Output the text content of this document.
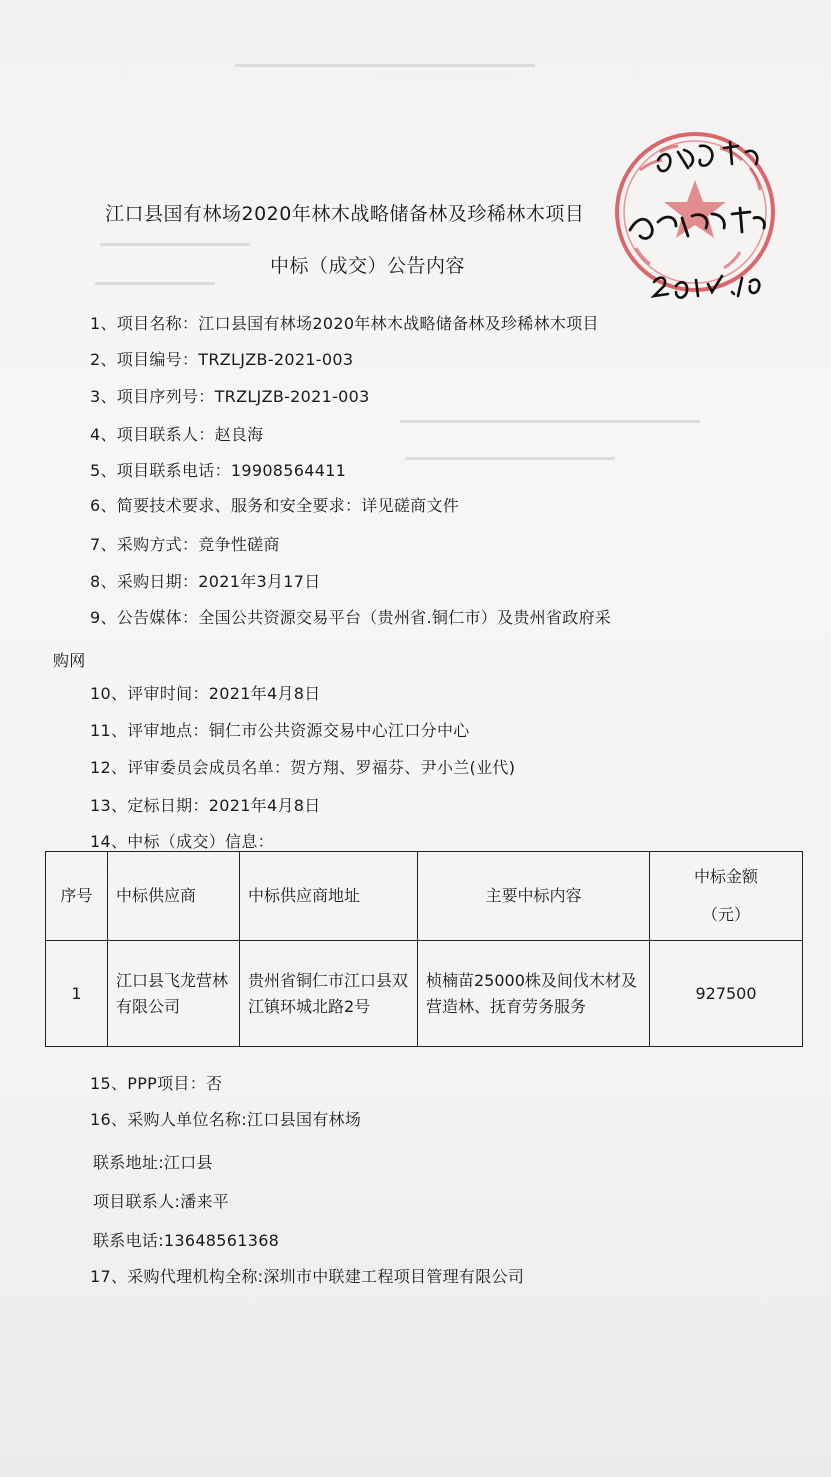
江口县国有林场2020年林木战略储备林及珍稀林木项目
中标（成交）公告内容
1、项目名称：江口县国有林场2020年林木战略储备林及珍稀林木项目
2、项目编号：TRZLJZB-2021-003
3、项目序列号：TRZLJZB-2021-003
4、项目联系人：赵良海
5、项目联系电话：19908564411
6、简要技术要求、服务和安全要求：详见磋商文件
7、采购方式：竞争性磋商
8、采购日期：2021年3月17日
9、公告媒体：全国公共资源交易平台（贵州省.铜仁市）及贵州省政府采
购网
10、评审时间：2021年4月8日
11、评审地点：铜仁市公共资源交易中心江口分中心
12、评审委员会成员名单：贺方翔、罗福芬、尹小兰(业代)
13、定标日期：2021年4月8日
14、中标（成交）信息：
序号	中标供应商	中标供应商地址	主要中标内容	中标金额
（元）

1	江口县飞龙营林有限公司	贵州省铜仁市江口县双江镇环城北路2号	桢楠苗25000株及间伐木材及营造林、抚育劳务服务	927500
15、PPP项目：否
16、采购人单位名称:江口县国有林场
联系地址:江口县
项目联系人:潘来平
联系电话:13648561368
17、采购代理机构全称:深圳市中联建工程项目管理有限公司
